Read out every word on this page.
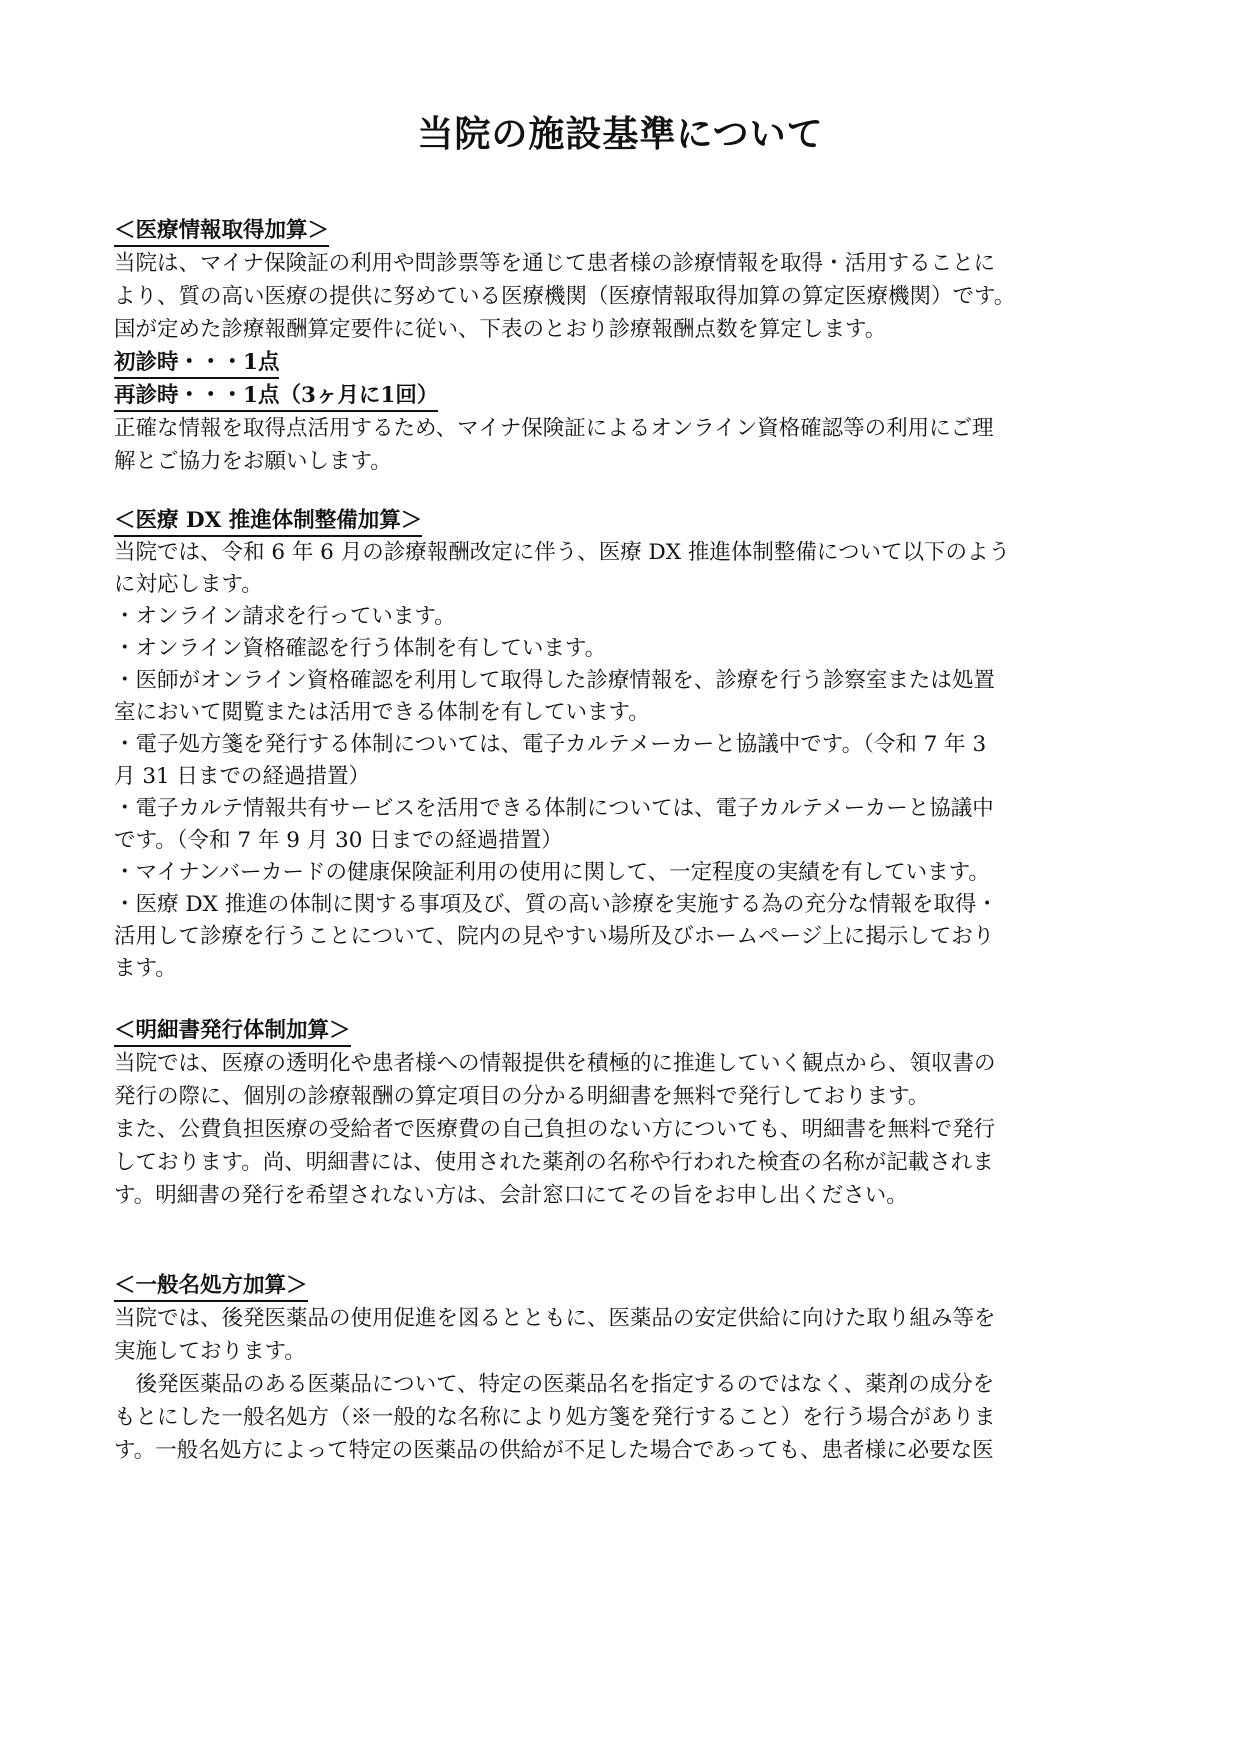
当院の施設基準について
＜医療情報取得加算＞
当院は、マイナ保険証の利用や問診票等を通じて患者様の診療情報を取得・活用することに
より、質の高い医療の提供に努めている医療機関（医療情報取得加算の算定医療機関）です。
国が定めた診療報酬算定要件に従い、下表のとおり診療報酬点数を算定します。
初診時・・・1点
再診時・・・1点（3ヶ月に1回）
正確な情報を取得点活用するため、マイナ保険証によるオンライン資格確認等の利用にご理
解とご協力をお願いします。
＜医療 DX 推進体制整備加算＞
当院では、令和 6 年 6 月の診療報酬改定に伴う、医療 DX 推進体制整備について以下のよう
に対応します。
・オンライン請求を行っています。
・オンライン資格確認を行う体制を有しています。
・医師がオンライン資格確認を利用して取得した診療情報を、診療を行う診察室または処置
室において閲覧または活用できる体制を有しています。
・電子処方箋を発行する体制については、電子カルテメーカーと協議中です。（令和 7 年 3
月 31 日までの経過措置）
・電子カルテ情報共有サービスを活用できる体制については、電子カルテメーカーと協議中
です。（令和 7 年 9 月 30 日までの経過措置）
・マイナンバーカードの健康保険証利用の使用に関して、一定程度の実績を有しています。
・医療 DX 推進の体制に関する事項及び、質の高い診療を実施する為の充分な情報を取得・
活用して診療を行うことについて、院内の見やすい場所及びホームページ上に掲示しており
ます。
＜明細書発行体制加算＞
当院では、医療の透明化や患者様への情報提供を積極的に推進していく観点から、領収書の
発行の際に、個別の診療報酬の算定項目の分かる明細書を無料で発行しております。
また、公費負担医療の受給者で医療費の自己負担のない方についても、明細書を無料で発行
しております。尚、明細書には、使用された薬剤の名称や行われた検査の名称が記載されま
す。明細書の発行を希望されない方は、会計窓口にてその旨をお申し出ください。
＜一般名処方加算＞
当院では、後発医薬品の使用促進を図るとともに、医薬品の安定供給に向けた取り組み等を
実施しております。
　後発医薬品のある医薬品について、特定の医薬品名を指定するのではなく、薬剤の成分を
もとにした一般名処方（※一般的な名称により処方箋を発行すること）を行う場合がありま
す。一般名処方によって特定の医薬品の供給が不足した場合であっても、患者様に必要な医
